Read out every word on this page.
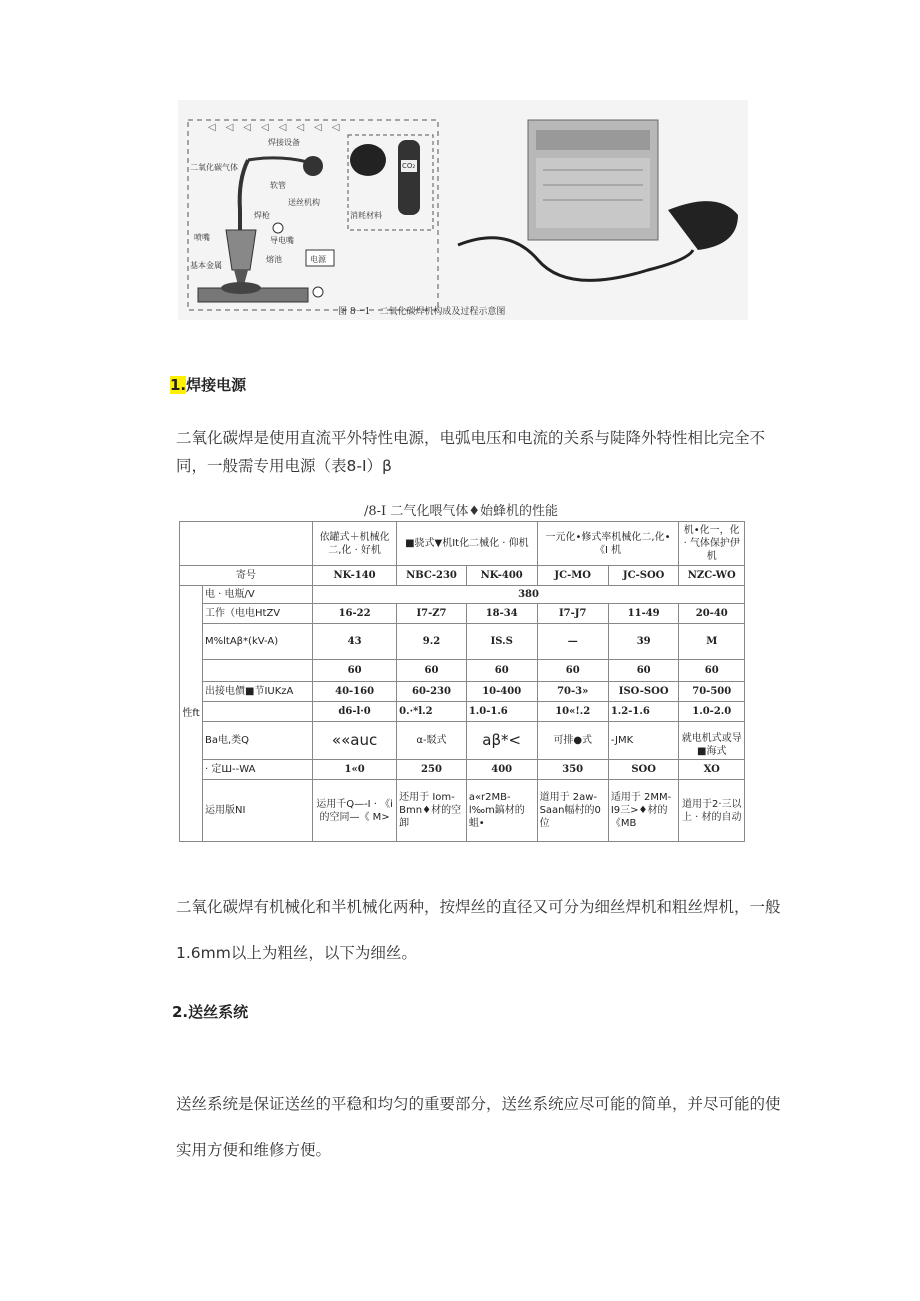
◁　◁　◁　◁　◁　◁　◁　◁
焊接设备
二氧化碳气体
软管
送丝机构
焊枪
导电嘴
喷嘴
基本金属
熔池	电源
消耗材料
CO₂
图 8－1　二氧化碳焊机构成及过程示意图
1.焊接电源
二氧化碳焊是使用直流平外特性电源，电弧电压和电流的关系与陡降外特性相比完全不
同，一般需专用电源（表8-I）β
/8-I 二气化喂气体♦始蜂机的性能
		依罐式＋机械化二,化 · 好机	■骁式▼机It化二械化 · 仰机		一元化•修式率机械化二,化•《I 机		机•化一，化 · 气体保护伊机
寄号		NK-140	NBC-230	NK-400	JC-MO	JC-SOO	NZC-WO
性ft	电 · 电瓶/V	380					
	工作（电电HtZV	16-22	I7-Z7	18-34	I7-J7	11-49	20-40
	M%ltAβ*(kV-A)	43	9.2	IS.S	—	39	M
		60	60	60	60	60	60
	出接电價■节IUKzA	40-160	60-230	10-400	70-3»	ISO-SOO	70-500
		d6-l·0	0.·*l.2	1.0-1.6	10«!.2	1.2-1.6	1.0-2.0
	Ba电,类Q	««auc	α-駁式	aβ*<	可排●式	-JMK	就电机式或导■海式
	· 定Ш--WA	1«0	250	400	350	SOO	XO
	运用版NI	运用千Q—-I · 《i的空同—《 M>	还用于 Iom-Bmn♦材的空卸	a«r2MB-l‰m鎬材的蛆•	道用于 2aw-Saan幅村的0位	适用于 2MM-I9三>♦材的《MB	道用于2·三以上 · 材的自动
二氧化碳焊有机械化和半机械化两种，按焊丝的直径又可分为细丝焊机和粗丝焊机，一般
1.6mm以上为粗丝，以下为细丝。
2.送丝系统
送丝系统是保证送丝的平稳和均匀的重要部分，送丝系统应尽可能的简单，并尽可能的使
实用方便和维修方便。
